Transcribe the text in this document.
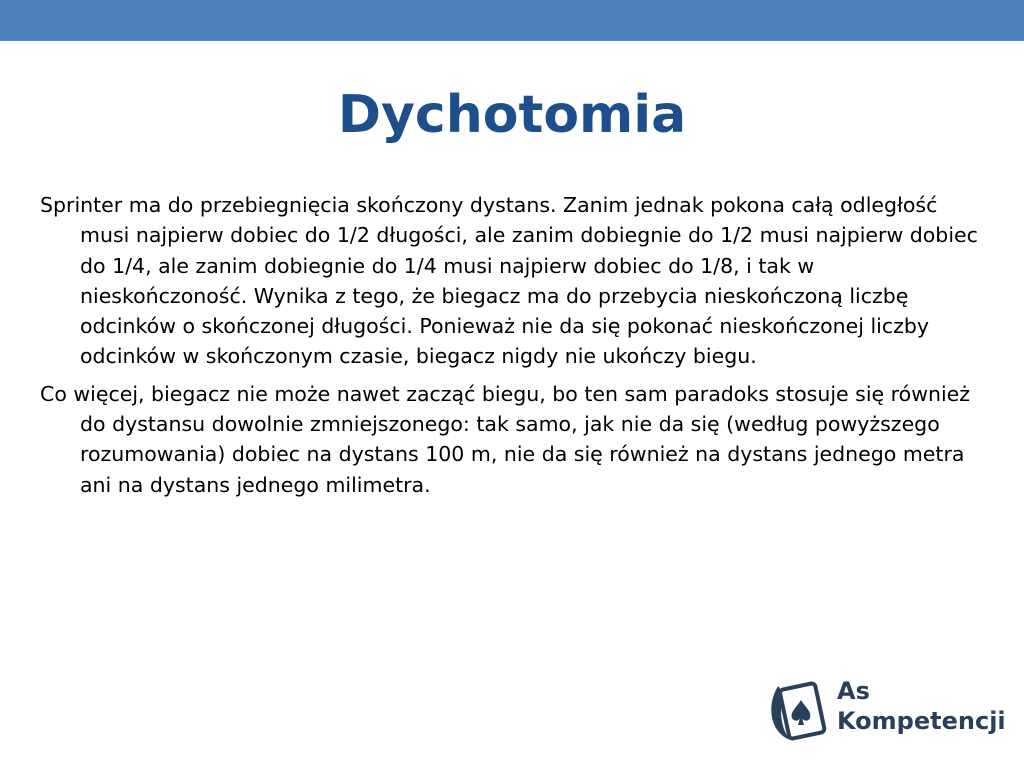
Dychotomia

Sprinter ma do przebiegnięcia skończony dystans. Zanim jednak pokona całą odległość musi najpierw dobiec do 1/2 długości, ale zanim dobiegnie do 1/2 musi najpierw dobiec do 1/4, ale zanim dobiegnie do 1/4 musi najpierw dobiec do 1/8, i tak w nieskończoność. Wynika z tego, że biegacz ma do przebycia nieskończoną liczbę odcinków o skończonej długości. Ponieważ nie da się pokonać nieskończonej liczby odcinków w skończonym czasie, biegacz nigdy nie ukończy biegu.

Co więcej, biegacz nie może nawet zacząć biegu, bo ten sam paradoks stosuje się również do dystansu dowolnie zmniejszonego: tak samo, jak nie da się (według powyższego rozumowania) dobiec na dystans 100 m, nie da się również na dystans jednego metra ani na dystans jednego milimetra.

As
Kompetencji
